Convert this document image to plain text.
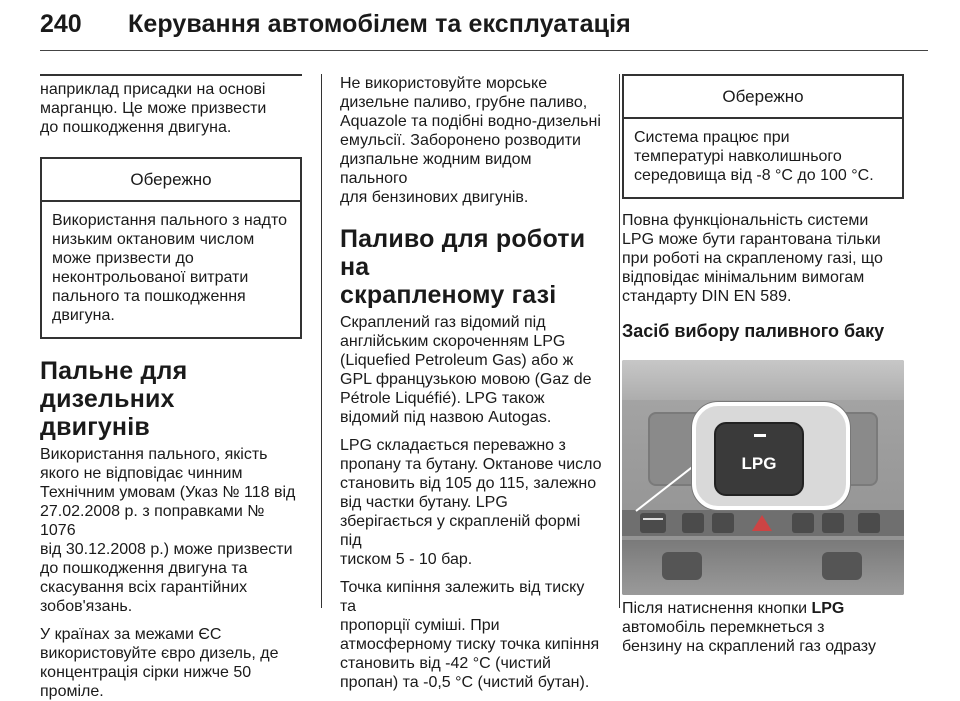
240 Керування автомобілем та експлуатація

наприклад присадки на основі

марганцю. Це може призвести

до пошкодження двигуна.

Обережно
Використання пального з надто
низьким октановим числом
може призвести до
неконтрольованої витрати
пального та пошкодження
двигуна.
Пальне для дизельних
двигунів

Використання пального, якість

якого не відповідає чинним

Технічним умовам (Указ № 118 від

27.02.2008 р. з поправками № 1076

від 30.12.2008 р.) може призвести

до пошкодження двигуна та

скасування всіх гарантійних

зобов'язань.

У країнах за межами ЄС

використовуйте євро дизель, де

концентрація сірки нижче 50

проміле.

Не використовуйте морське

дизельне паливо, грубне паливо,

Aquazole та подібні водно-дизельні

емульсії. Заборонено розводити

дизпальне жодним видом пального

для бензинових двигунів.

Паливо для роботи на
скрапленому газі

Скраплений газ відомий під

англійським скороченням LPG

(Liquefied Petroleum Gas) або ж

GPL французькою мовою (Gaz de

Pétrole Liquéfié). LPG також

відомий під назвою Autogas.

LPG складається переважно з

пропану та бутану. Октанове число

становить від 105 до 115, залежно

від частки бутану. LPG

зберігається у скрапленій формі під

тиском 5 - 10 бар.

Точка кипіння залежить від тиску та

пропорції суміші. При

атмосферному тиску точка кипіння

становить від -42 °C (чистий

пропан) та -0,5 °C (чистий бутан).

Обережно
Система працює при
температурі навколишнього
середовища від -8 °C до 100 °C.

Повна функціональність системи

LPG може бути гарантована тільки

при роботі на скрапленому газі, що

відповідає мінімальним вимогам

стандарту DIN EN 589.

Засіб вибору паливного баку
LPG

Після натиснення кнопки LPG

автомобіль перемкнеться з

бензину на скраплений газ одразу
